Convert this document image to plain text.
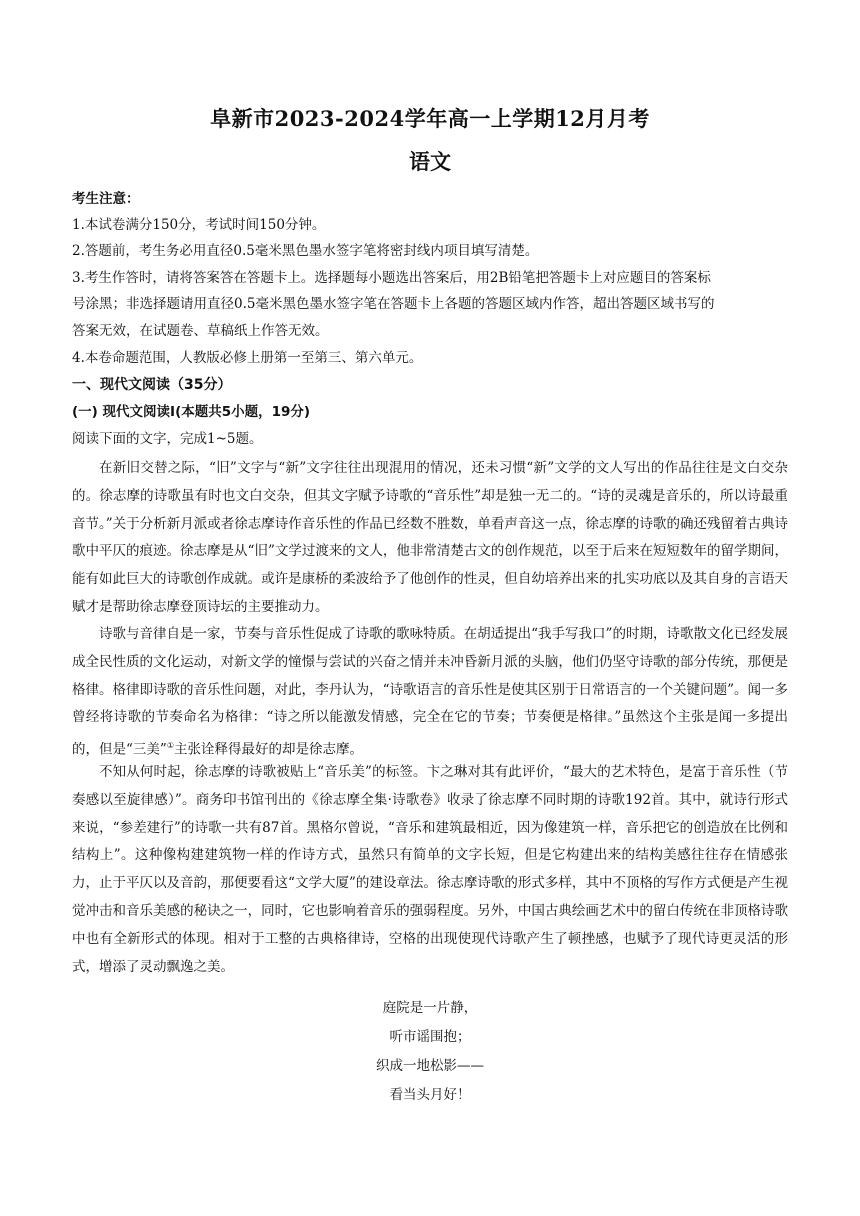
阜新市2023-2024学年高一上学期12月月考
语文
考生注意：
1.本试卷满分150分，考试时间150分钟。
2.答题前，考生务必用直径0.5毫米黑色墨水签字笔将密封线内项目填写清楚。
3.考生作答时，请将答案答在答题卡上。选择题每小题选出答案后，用2B铅笔把答题卡上对应题目的答案标
号涂黑；非选择题请用直径0.5毫米黑色墨水签字笔在答题卡上各题的答题区域内作答，超出答题区域书写的
答案无效，在试题卷、草稿纸上作答无效。
4.本卷命题范围，人教版必修上册第一至第三、第六单元。
一、现代文阅读（35分）
(一) 现代文阅读Ⅰ(本题共5小题，19分)
阅读下面的文字，完成1~5题。

在新旧交替之际，“旧”文字与“新”文字往往出现混用的情况，还未习惯“新”文学的文人写出的作品往往是文白交杂的。徐志摩的诗歌虽有时也文白交杂，但其文字赋予诗歌的“音乐性”却是独一无二的。“诗的灵魂是音乐的，所以诗最重音节。”关于分析新月派或者徐志摩诗作音乐性的作品已经数不胜数，单看声音这一点，徐志摩的诗歌的确还残留着古典诗歌中平仄的痕迹。徐志摩是从“旧”文学过渡来的文人，他非常清楚古文的创作规范，以至于后来在短短数年的留学期间，能有如此巨大的诗歌创作成就。或许是康桥的柔波给予了他创作的性灵，但自幼培养出来的扎实功底以及其自身的言语天赋才是帮助徐志摩登顶诗坛的主要推动力。

诗歌与音律自是一家，节奏与音乐性促成了诗歌的歌咏特质。在胡适提出“我手写我口”的时期，诗歌散文化已经发展成全民性质的文化运动，对新文学的憧憬与尝试的兴奋之情并未冲昏新月派的头脑，他们仍坚守诗歌的部分传统，那便是格律。格律即诗歌的音乐性问题，对此，李丹认为，“诗歌语言的音乐性是使其区别于日常语言的一个关键问题”。闻一多曾经将诗歌的节奏命名为格律：“诗之所以能激发情感，完全在它的节奏；节奏便是格律。”虽然这个主张是闻一多提出的，但是“三美”①主张诠释得最好的却是徐志摩。

不知从何时起，徐志摩的诗歌被贴上“音乐美”的标签。卞之琳对其有此评价，“最大的艺术特色，是富于音乐性（节奏感以至旋律感）”。商务印书馆刊出的《徐志摩全集·诗歌卷》收录了徐志摩不同时期的诗歌192首。其中，就诗行形式来说，“参差建行”的诗歌一共有87首。黑格尔曾说，“音乐和建筑最相近，因为像建筑一样，音乐把它的创造放在比例和结构上”。这种像构建建筑物一样的作诗方式，虽然只有简单的文字长短，但是它构建出来的结构美感往往存在情感张力，止于平仄以及音韵，那便要看这“文学大厦”的建设章法。徐志摩诗歌的形式多样，其中不顶格的写作方式便是产生视觉冲击和音乐美感的秘诀之一，同时，它也影响着音乐的强弱程度。另外，中国古典绘画艺术中的留白传统在非顶格诗歌中也有全新形式的体现。相对于工整的古典格律诗，空格的出现使现代诗歌产生了顿挫感，也赋予了现代诗更灵活的形式，增添了灵动飘逸之美。

庭院是一片静，
听市谣围抱；
织成一地松影——
看当头月好！
